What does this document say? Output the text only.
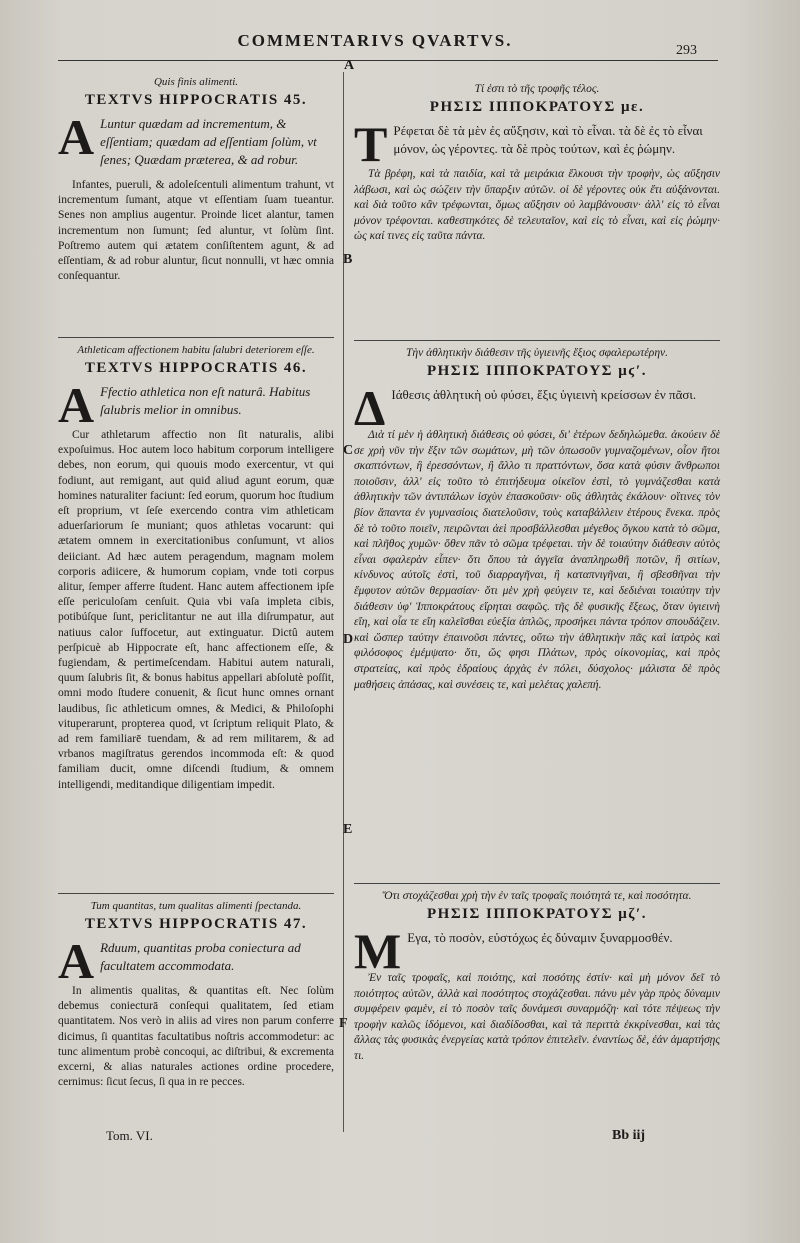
COMMENTARIVS QVARTVS.
293
A
B
C
D
E
F
Quis finis alimenti.
TEXTVS HIPPOCRATIS 45.
A Luntur quædam ad incrementum, & eſſentiam; quædam ad eſſentiam ſolùm, vt ſenes; Quædam præterea, & ad robur.
Infantes, pueruli, & adoleſcentuli alimentum trahunt, vt incrementum ſumant, atque vt eſſentiam ſuam tueantur. Senes non amplius augentur. Proinde licet alantur, tamen incrementum non ſumunt; ſed aluntur, vt ſolùm ſint. Poſtremo autem qui ætatem conſiſtentem agunt, & ad eſſentiam, & ad robur aluntur, ſicut nonnulli, vt hæc omnia conſequantur.
Athleticam affectionem habitu ſalubri deteriorem eſſe.
TEXTVS HIPPOCRATIS 46.
A Ffectio athletica non eſt naturâ. Habitus ſalubris melior in omnibus.
Cur athletarum affectio non ſit naturalis, alibi expoſuimus. Hoc autem loco habitum corporum intelligere debes, non eorum, qui quouis modo exercentur, vt qui fodiunt, aut remigant, aut quid aliud agunt eorum, quæ homines naturaliter faciunt: ſed eorum, quorum hoc ſtudium eſt proprium, vt ſeſe exercendo contra vim athleticam aduerſariorum ſe muniant; quos athletas vocarunt: qui ætatem omnem in exercitationibus conſumunt, vt alios deiiciant. Ad hæc autem peragendum, magnam molem corporis adiicere, & humorum copiam, vnde toti corpus alitur, ſemper afferre ſtudent. Hanc autem affectionem ipſe eſſe periculoſam cenſuit. Quia vbi vaſa impleta cibis, potibúſque ſunt, periclitantur ne aut illa diſrumpatur, aut natiuus calor ſuffocetur, aut extinguatur. Dictû autem perſpicuè ab Hippocrate eſt, hanc affectionem eſſe, & fugiendam, & pertimeſcendam. Habitui autem naturali, quum ſalubris ſit, & bonus habitus appellari abſolutè poſſit, omni modo ſtudere conuenit, & ſicut hunc omnes ornant laudibus, ſic athleticum omnes, & Medici, & Philoſophi vituperarunt, propterea quod, vt ſcriptum reliquit Plato, & ad rem familiarē tuendam, & ad rem militarem, & ad vrbanos magiſtratus gerendos incommoda eſt: & quod familiam ducit, omne diſcendi ſtudium, & omnem intelligendi, meditandique diligentiam impedit.
Tum quantitas, tum qualitas alimenti ſpectanda.
TEXTVS HIPPOCRATIS 47.
A Rduum, quantitas proba coniectura ad facultatem accommodata.
In alimentis qualitas, & quantitas eſt. Nec ſolùm debemus coniecturā conſequi qualitatem, ſed etiam quantitatem. Nos verò in aliis ad vires non parum conferre dicimus, ſi quantitas facultatibus noſtris accommodetur: ac tunc alimentum probè concoqui, ac diſtribui, & excrementa excerni, & alias naturales actiones ordine procedere, cernimus: ſicut ſecus, ſi qua in re pecces.
Τί ἐστι τὸ τῆς τροφῆς τέλος.
ΡΗΣΙΣ ΙΠΠΟΚΡΑΤΟΥΣ με.
Τ Ρέφεται δὲ τὰ μὲν ἐς αὔξησιν, καὶ τὸ εἶναι. τὰ δὲ ἐς τὸ εἶναι μόνον, ὡς γέροντες. τὰ δὲ πρὸς τούτων, καὶ ἐς ῥώμην.
Τὰ βρέφη, καὶ τὰ παιδία, καὶ τὰ μειράκια ἕλκουσι τὴν τροφὴν, ὡς αὔξησιν λάβωσι, καὶ ὡς σώζειν τὴν ὕπαρξιν αὐτῶν. οἱ δὲ γέροντες οὐκ ἔτι αὐξάνονται. καὶ διὰ τοῦτο κἂν τρέφωνται, ὅμως αὔξησιν οὐ λαμβάνουσιν· ἀλλ' εἰς τὸ εἶναι μόνον τρέφονται. καθεστηκότες δὲ τελευταῖον, καὶ εἰς τὸ εἶναι, καὶ εἰς ῥώμην· ὡς καί τινες εἰς ταῦτα πάντα.
Τὴν ἀθλητικὴν διάθεσιν τῆς ὑγιεινῆς ἕξιος σφαλερωτέρην.
ΡΗΣΙΣ ΙΠΠΟΚΡΑΤΟΥΣ μϛʹ.
Δ Ιάθεσις ἀθλητικὴ οὐ φύσει, ἕξις ὑγιεινὴ κρείσσων ἐν πᾶσι.
Διὰ τί μὲν ἡ ἀθλητικὴ διάθεσις οὐ φύσει, δι' ἑτέρων δεδηλώμεθα. ἀκούειν δὲ σε χρὴ νῦν τὴν ἕξιν τῶν σωμάτων, μὴ τῶν ὁπωσοῦν γυμναζομένων, οἷον ἤτοι σκαπτόντων, ἢ ἐρεσσόντων, ἢ ἄλλο τι πραττόντων, ὅσα κατὰ φύσιν ἄνθρωποι ποιοῦσιν, ἀλλ' εἰς τοῦτο τὸ ἐπιτήδευμα οἰκεῖον ἐστὶ, τὸ γυμνάζεσθαι κατὰ ἀθλητικὴν τῶν ἀντιπάλων ἰσχὺν ἐπασκοῦσιν· οὓς ἀθλητὰς ἐκάλουν· οἵτινες τὸν βίον ἅπαντα ἐν γυμνασίοις διατελοῦσιν, τοὺς καταβάλλειν ἑτέρους ἕνεκα. πρὸς δὲ τὸ τοῦτο ποιεῖν, πειρῶνται ἀεὶ προσβάλλεσθαι μέγεθος ὄγκου κατὰ τὸ σῶμα, καὶ πλῆθος χυμῶν· ὅθεν πᾶν τὸ σῶμα τρέφεται. τὴν δὲ τοιαύτην διάθεσιν αὐτὸς εἶναι σφαλερὰν εἶπεν· ὅτι ὅπου τὰ ἀγγεῖα ἀναπληρωθῆ ποτῶν, ἢ σιτίων, κίνδυνος αὐτοῖς ἐστὶ, τοῦ διαρραγῆναι, ἢ καταπνιγῆναι, ἢ σβεσθῆναι τὴν ἔμφυτον αὐτῶν θερμασίαν· ὅτι μὲν χρὴ φεύγειν τε, καὶ δεδιέναι τοιαύτην τὴν διάθεσιν ὑφ' Ἱπποκράτους εἴρηται σαφῶς. τῆς δὲ φυσικῆς ἕξεως, ὅταν ὑγιεινὴ εἴη, καὶ οἷα τε εἴη καλεῖσθαι εὐεξία ἁπλῶς, προσήκει πάντα τρόπον σπουδάζειν. καὶ ὥσπερ ταύτην ἐπαινοῦσι πάντες, οὕτω τὴν ἀθλητικὴν πᾶς καὶ ἰατρὸς καὶ φιλόσοφος ἐμέμψατο· ὅτι, ὥς φησι Πλάτων, πρὸς οἰκονομίας, καὶ πρὸς στρατείας, καὶ πρὸς ἑδραίους ἀρχὰς ἐν πόλει, δύσχολος· μάλιστα δὲ πρὸς μαθήσεις ἀπάσας, καὶ συνέσεις τε, καὶ μελέτας χαλεπή.
Ὅτι στοχάζεσθαι χρὴ τὴν ἐν ταῖς τροφαῖς ποιότητά τε, καὶ ποσότητα.
ΡΗΣΙΣ ΙΠΠΟΚΡΑΤΟΥΣ μζʹ.
Μ Εγα, τὸ ποσὸν, εὐστόχως ἐς δύναμιν ξυναρμοσθέν.
Ἐν ταῖς τροφαῖς, καὶ ποιότης, καὶ ποσότης ἐστίν· καὶ μὴ μόνον δεῖ τὸ ποιότητος αὐτῶν, ἀλλὰ καὶ ποσότητος στοχάζεσθαι. πάνυ μὲν γὰρ πρὸς δύναμιν συμφέρειν φαμὲν, εἰ τὸ ποσὸν ταῖς δυνάμεσι συναρμόζη· καὶ τότε πέψεως τὴν τροφὴν καλῶς ἰδόμενοι, καὶ διαδίδοσθαι, καὶ τὰ περιττὰ ἐκκρίνεσθαι, καὶ τὰς ἄλλας τὰς φυσικὰς ἐνεργείας κατὰ τρόπον ἐπιτελεῖν. ἐναντίως δὲ, ἐάν ἁμαρτήσῃς τι.
Tom. VI.	Bb iij
